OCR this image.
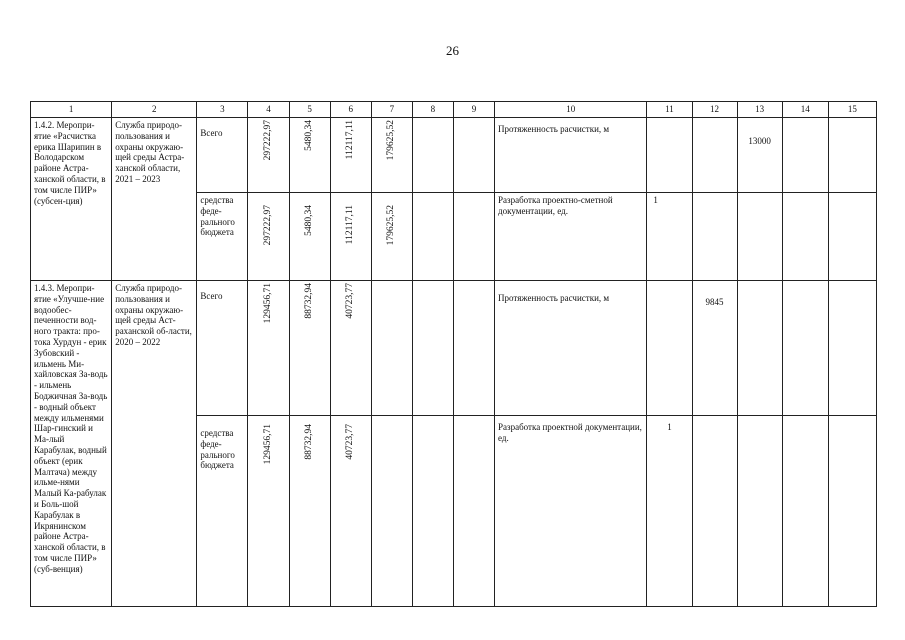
26
1	2	3	4	5	6	7	8	9	10	11	12	13	14	15
1.4.2. Меропри-ятие «Расчистка ерика Шарипин в Володарском районе Астра-ханской области, в том числе ПИР» (субсен-ция)	Служба природо-пользования и охраны окружаю-щей среды Астра-ханской области, 2021 – 2023	Всего	297222,97	5480,34	112117,11	179625,52			Протяженность расчистки, м			13000		

		средства феде-рального бюджета	297222,97	5480,34	112117,11	179625,52			Разработка проектно-сметной документации, ед.	1				
1.4.3. Меропри-ятие «Улучше-ние водообес-печенности вод-ного тракта: про-тока Хурдун - ерик Зубовский - ильмень Ми-хайловская За-водь - ильмень Боджичная За-водь - водный объект между ильменями Шар-гинский и Ма-лый Карабулак, водный объект (ерик Малтача) между ильме-нями Малый Ка-рабулак и Боль-шой Карабулак в Икрянинском районе Астра-ханской области, в том числе ПИР» (суб-венция)	Служба природо-пользования и охраны окружаю-щей среды Аст-раханской об-ласти, 2020 – 2022	Всего	129456,71	88732,94	40723,77				Протяженность расчистки, м		9845			

		средства феде-рального бюджета	129456,71	88732,94	40723,77				Разработка проектной документации, ед.	1				
